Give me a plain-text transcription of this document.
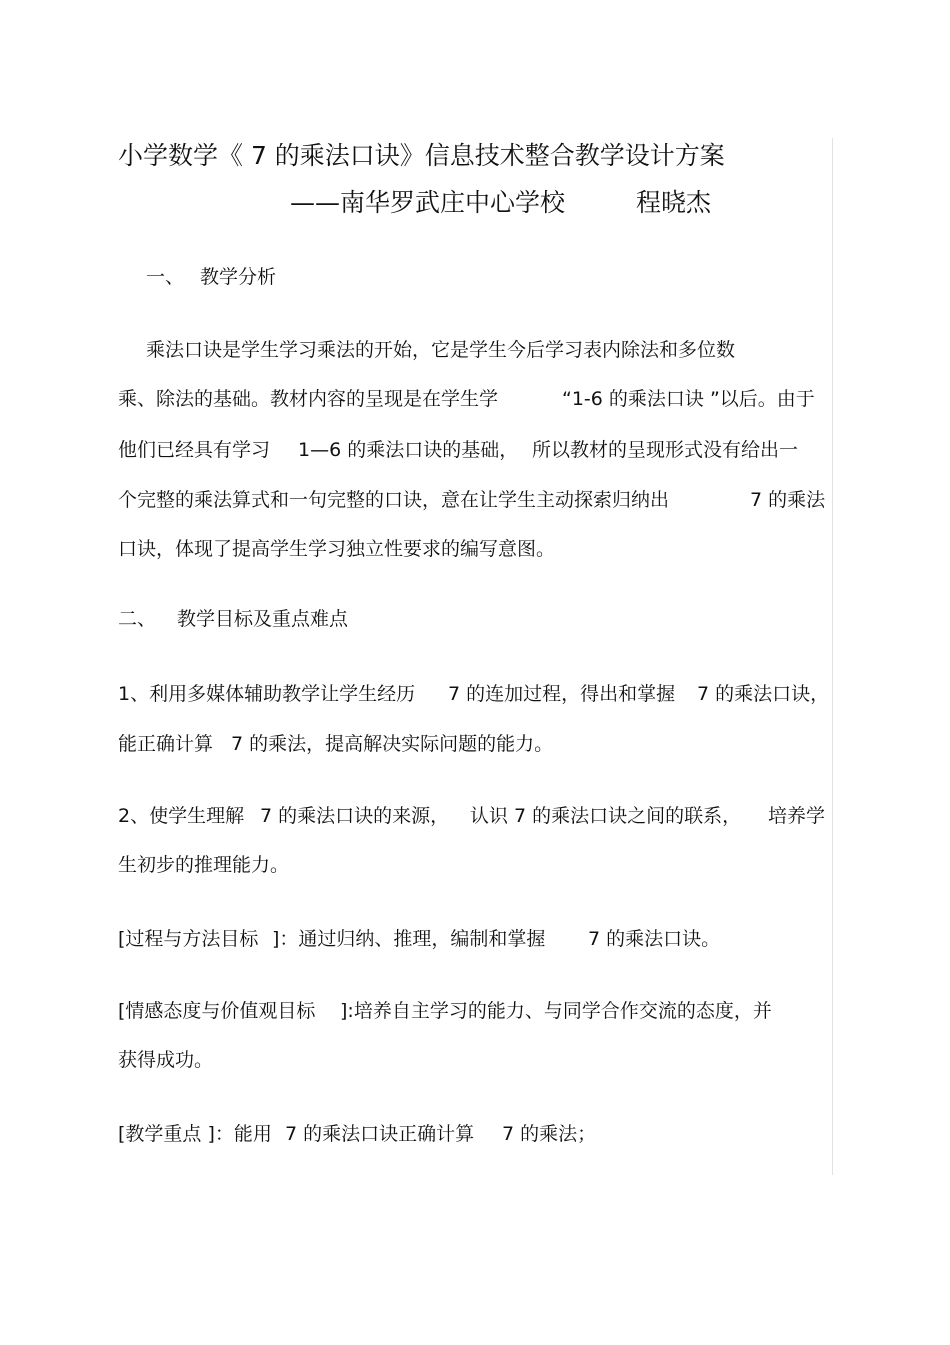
小学数学《 7 的乘法口诀》信息技术整合教学设计方案
——南华罗武庄中心学校	程晓杰
一、 教学分析
乘法口诀是学生学习乘法的开始，它是学生今后学习表内除法和多位数
乘、除法的基础。教材内容的呈现是在学生学	“1-6 的乘法口诀 ”以后。由于
他们已经具有学习 1—6 的乘法口诀的基础， 所以教材的呈现形式没有给出一
个完整的乘法算式和一句完整的口诀，意在让学生主动探索归纳出	7 的乘法
口诀，体现了提高学生学习独立性要求的编写意图。
二、 教学目标及重点难点
1、利用多媒体辅助教学让学生经历 7 的连加过程，得出和掌握 7 的乘法口诀，
能正确计算 7 的乘法，提高解决实际问题的能力。
2、使学生理解 7 的乘法口诀的来源， 认识 7 的乘法口诀之间的联系， 培养学
生初步的推理能力。
[过程与方法目标 ]：通过归纳、推理，编制和掌握 7 的乘法口诀。
[情感态度与价值观目标 ]:培养自主学习的能力、与同学合作交流的态度，并
获得成功。
[教学重点 ]：能用 7 的乘法口诀正确计算 7 的乘法；
